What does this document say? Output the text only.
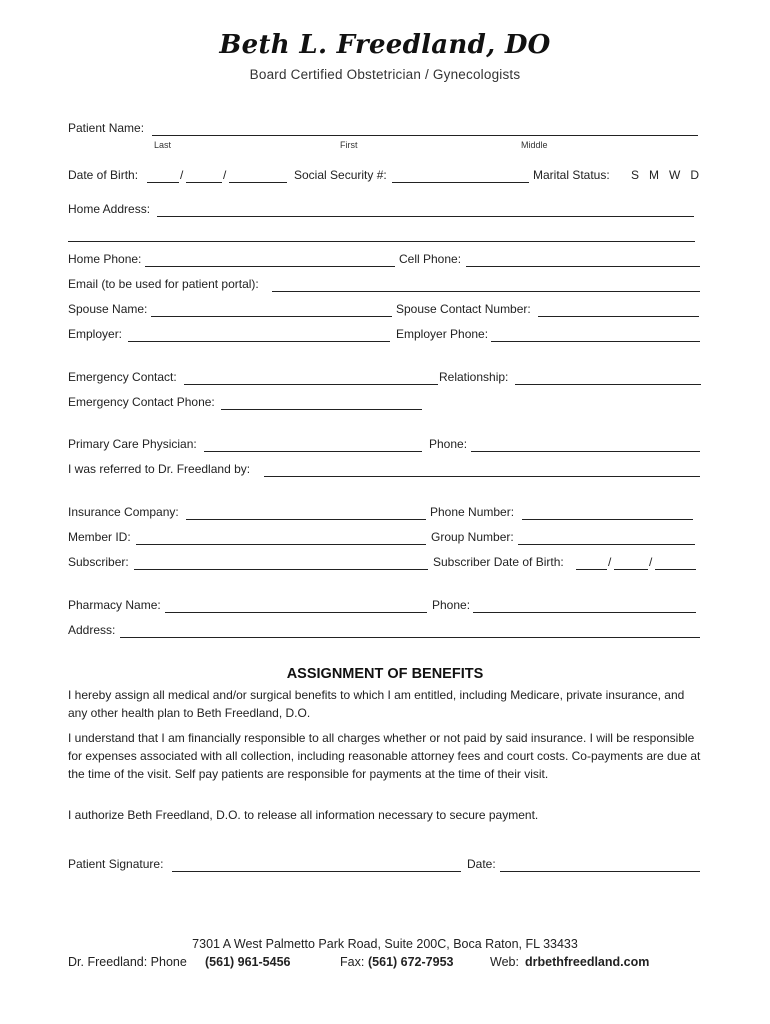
Beth L. Freedland, DO
Board Certified Obstetrician / Gynecologists
Patient Name:
Last	First	Middle
Date of Birth:	/	/	Social Security #:	Marital Status: S   M   W   D
Home Address:
Home Phone:	Cell Phone:
Email (to be used for patient portal):
Spouse Name:	Spouse Contact Number:
Employer:	Employer Phone:
Emergency Contact:	Relationship:
Emergency Contact Phone:
Primary Care Physician:	Phone:
I was referred to Dr. Freedland by:
Insurance Company:	Phone Number:
Member ID:	Group Number:
Subscriber:	Subscriber Date of Birth:	/	/
Pharmacy Name:	Phone:
Address:
ASSIGNMENT OF BENEFITS
I hereby assign all medical and/or surgical benefits to which I am entitled, including Medicare, private insurance, and any other health plan to Beth Freedland, D.O.
I understand that I am financially responsible to all charges whether or not paid by said insurance. I will be responsible for expenses associated with all collection, including reasonable attorney fees and court costs. Co-payments are due at the time of the visit. Self pay patients are responsible for payments at the time of their visit.
I authorize Beth Freedland, D.O. to release all information necessary to secure payment.
Patient Signature:	Date:
7301 A West Palmetto Park Road, Suite 200C, Boca Raton, FL 33433
Dr. Freedland: Phone (561) 961-5456	Fax: (561) 672-7953	Web: drbethfreedland.com
